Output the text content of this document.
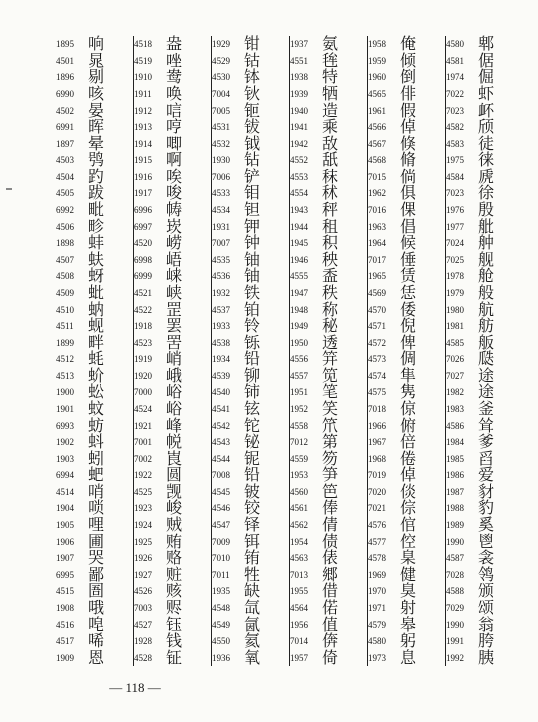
1895 响
4501 晁
1896 剔
6990 咳
4502 晏
6991 晖
1897 晕
4503 鸮
4504 趵
4505 跋
6992 毗
4506 畛
1898 蚌
4507 蚨
4508 蚜
4509 蚍
4510 蚋
4511 蚬
1899 畔
4512 蚝
4513 蚧
1900 蚣
1901 蚊
6993 蚄
1902 蚪
1903 蚓
6994 蚆
4514 哨
1904 唢
1905 哩
1906 圃
1907 哭
6995 鄙
4515 圄
1908 哦
4516 唣
4517 唏
1909 恩
4518 盎
4519 唑
1910 鸯
1911 唤
1912 唁
1913 哼
1914 唧
1915 啊
1916 唉
1917 唆
6996 帱
6997 崁
4520 崂
6998 峿
6999 崃
4521 峡
4522 罡
1918 罢
4523 罟
1919 峭
1920 峨
7000 峪
4524 峪
1921 峰
7001 帨
7002 崀
1922 圆
4525 觊
1923 峻
1924 贼
1925 贿
1926 赂
1927 赃
4526 赅
7003 赆
4527 钰
1928 钱
4528 钲
1929 钳
4529 钴
4530 钵
7004 钬
7005 钷
4531 钹
4532 钺
1930 钻
7006 铲
4533 钼
4534 钽
1931 钾
7007 钟
4535 铀
4536 铀
1932 铁
4537 铂
1933 铃
4538 铄
1934 铅
4539 铆
4540 铈
4541 铉
4542 铊
4543 铋
4544 铌
7008 铅
4545 铍
4546 铰
4547 铎
7009 铒
7010 铕
7011 牲
1935 缺
4548 氙
4549 氤
4550 氦
1936 氧
1937 氨
4551 毪
1938 特
1939 牺
1940 造
1941 乘
1942 敌
4552 舐
4553 秣
4554 秫
1943 秤
1944 租
1945 积
1946 秧
4555 盉
1947 秩
1948 称
1949 秘
1950 透
4556 笄
4557 笕
1951 笔
1952 笑
4558 笊
7012 第
4559 笏
1953 笋
4560 笆
4561 俸
4562 倩
1954 债
4563 俵
7013 郷
1955 借
4564 偌
1956 值
7014 倴
1957 倚
1958 俺
1959 倾
1960 倒
4565 俳
1961 假
4566 倬
4567 倏
4568 脩
7015 倘
1962 俱
7016 倮
1963 倡
1964 候
7017 倕
1965 赁
4569 恁
4570 倭
4571 倪
4572 俾
4573 倜
4574 隼
4575 隽
7018 倞
1966 俯
1967 倍
1968 倦
7019 倬
7020 倓
7021 倧
4576 倌
4577 倥
4578 臬
1969 健
1970 臭
1971 射
4579 皋
4580 躬
1973 息
4580 郫
4581 倨
1974 倔
7022 虾
7023 衃
4582 颀
4583 徒
1975 徕
4584 虒
7023 徐
1976 殷
1977 舭
7024 舯
7025 舰
1978 舱
1979 般
1980 航
1981 舫
4585 舨
7026 瓞
7027 途
1982 途
1983 釜
4586 耸
1984 爹
1985 舀
1986 爱
1987 豺
1988 豹
1989 奚
1990 鬯
4587 衾
7028 鸰
4588 颁
7029 颂
1990 翁
1991 胯
1992 胰
— 118 —
